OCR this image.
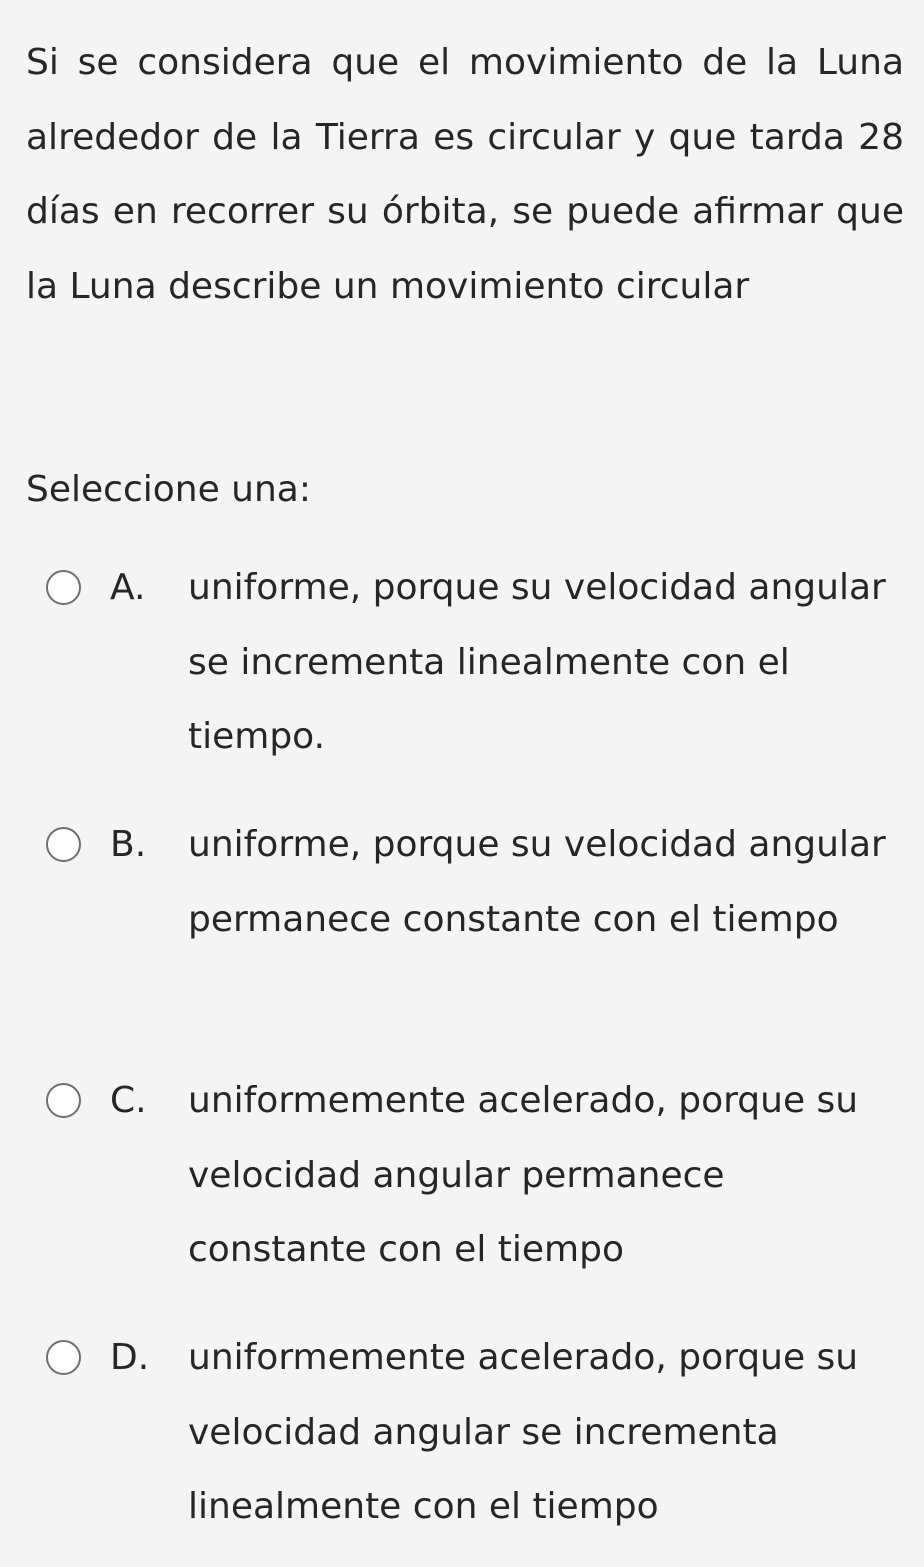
Si se considera que el movimiento de la Luna alrededor de la Tierra es circular y que tarda 28 días en recorrer su órbita, se puede afirmar que la Luna describe un movimiento circular

Seleccione una:

A. uniforme, porque su velocidad angular se incrementa linealmente con el tiempo.
B. uniforme, porque su velocidad angular permanece constante con el tiempo
C. uniformemente acelerado, porque su velocidad angular permanece constante con el tiempo
D. uniformemente acelerado, porque su velocidad angular se incrementa linealmente con el tiempo
